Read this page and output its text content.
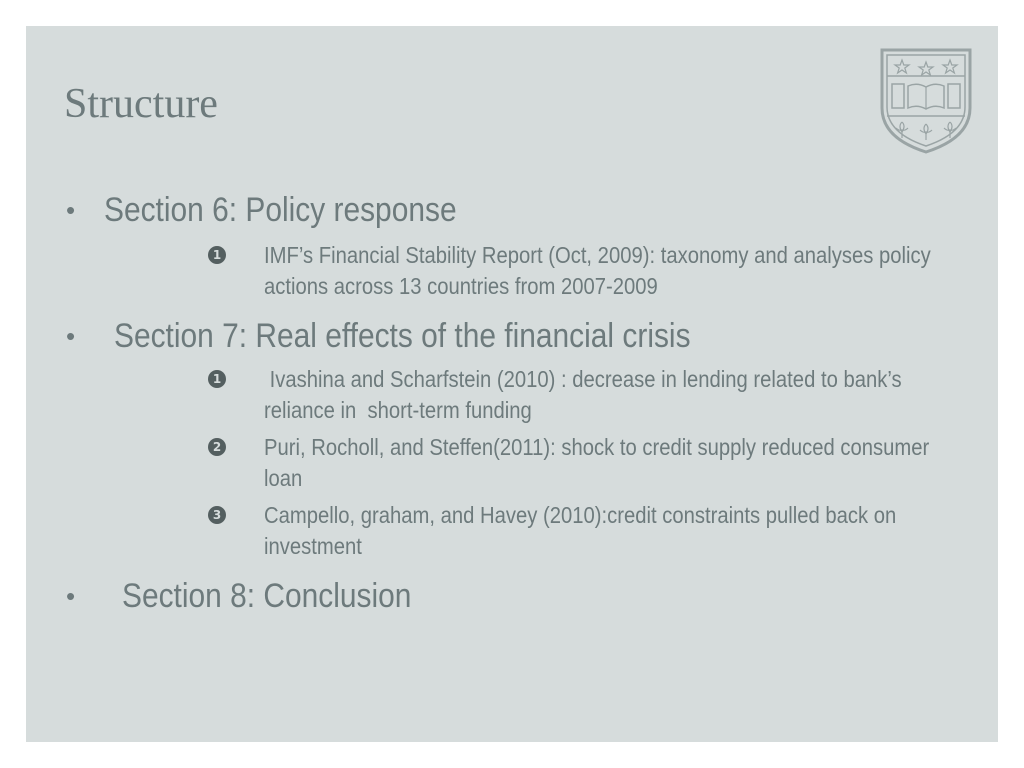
Structure
• Section 6: Policy response
1 IMF’s Financial Stability Report (Oct, 2009): taxonomy and analyses policy actions across 13 countries from 2007-2009
• Section 7: Real effects of the financial crisis
1 Ivashina and Scharfstein (2010) : decrease in lending related to bank’s reliance in  short-term funding
2 Puri, Rocholl, and Steffen(2011): shock to credit supply reduced consumer loan
3 Campello, graham, and Havey (2010):credit constraints pulled back on investment
• Section 8: Conclusion
